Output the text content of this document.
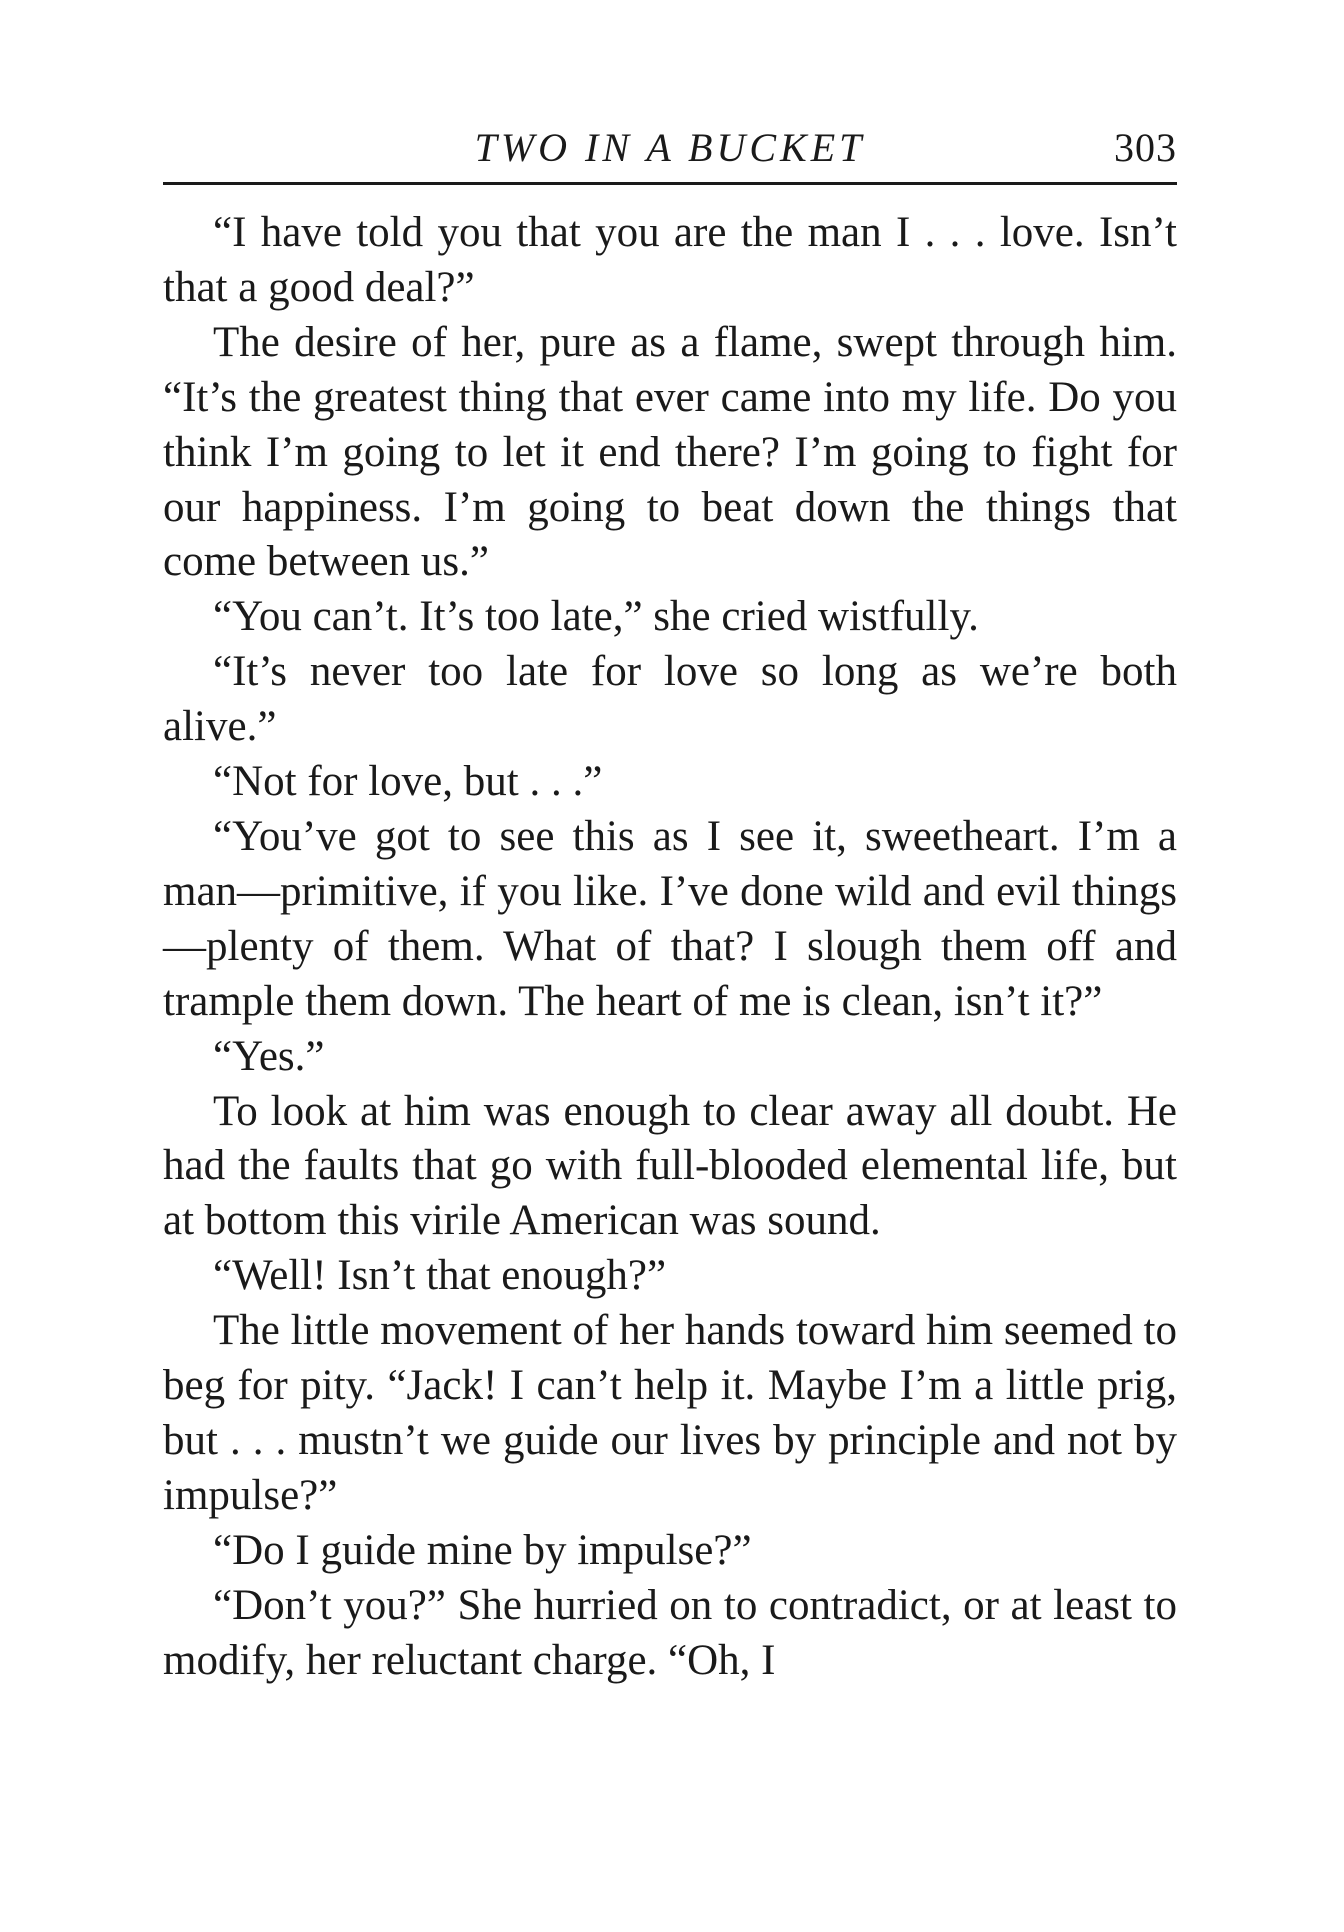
TWO IN A BUCKET	303

“I have told you that you are the man I . . . love. Isn’t that a good deal?”

The desire of her, pure as a flame, swept through him. “It’s the greatest thing that ever came into my life. Do you think I’m going to let it end there? I’m going to fight for our happiness. I’m going to beat down the things that come between us.”

“You can’t. It’s too late,” she cried wistfully.

“It’s never too late for love so long as we’re both alive.”

“Not for love, but . . .”

“You’ve got to see this as I see it, sweetheart. I’m a man—primitive, if you like. I’ve done wild and evil things—plenty of them. What of that? I slough them off and trample them down. The heart of me is clean, isn’t it?”

“Yes.”

To look at him was enough to clear away all doubt. He had the faults that go with full-blooded elemental life, but at bottom this virile American was sound.

“Well! Isn’t that enough?”

The little movement of her hands toward him seemed to beg for pity. “Jack! I can’t help it. Maybe I’m a little prig, but . . . mustn’t we guide our lives by principle and not by impulse?”

“Do I guide mine by impulse?”

“Don’t you?” She hurried on to contradict, or at least to modify, her reluctant charge. “Oh, I
